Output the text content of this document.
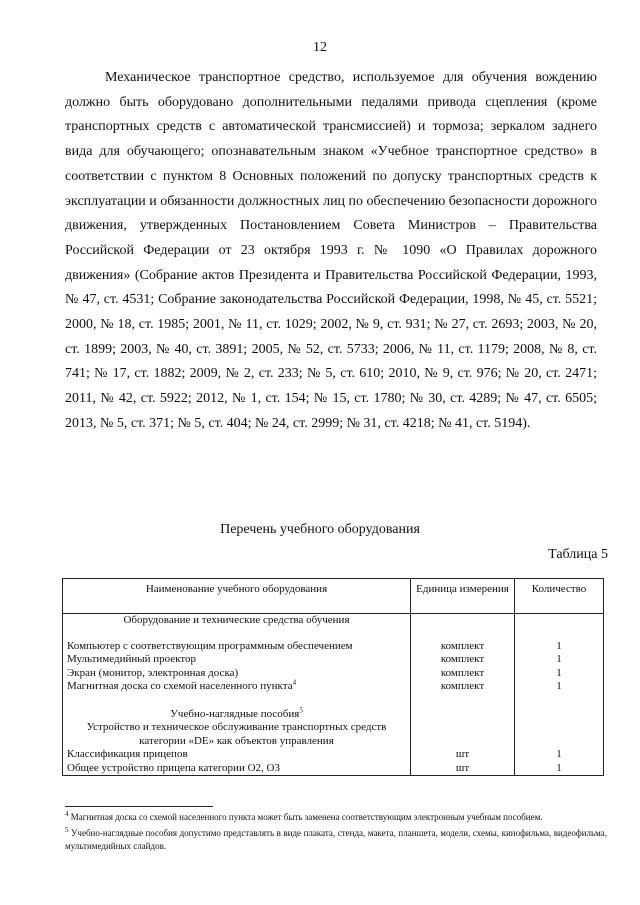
12

Механическое транспортное средство, используемое для обучения вождению должно быть оборудовано дополнительными педалями привода сцепления (кроме транспортных средств с автоматической трансмиссией) и тормоза; зеркалом заднего вида для обучающего; опознавательным знаком «Учебное транспортное средство» в соответствии с пунктом 8 Основных положений по допуску транспортных средств к эксплуатации и обязанности должностных лиц по обеспечению безопасности дорожного движения, утвержденных Постановлением Совета Министров – Правительства Российской Федерации от 23 октября 1993 г. № 1090 «О Правилах дорожного движения» (Собрание актов Президента и Правительства Российской Федерации, 1993, № 47, ст. 4531; Собрание законодательства Российской Федерации, 1998, № 45, ст. 5521; 2000, № 18, ст. 1985; 2001, № 11, ст. 1029; 2002, № 9, ст. 931; № 27, ст. 2693; 2003, № 20, ст. 1899; 2003, № 40, ст. 3891; 2005, № 52, ст. 5733; 2006, № 11, ст. 1179; 2008, № 8, ст. 741; № 17, ст. 1882; 2009, № 2, ст. 233; № 5, ст. 610; 2010, № 9, ст. 976; № 20, ст. 2471; 2011, № 42, ст. 5922; 2012, № 1, ст. 154; № 15, ст. 1780; № 30, ст. 4289; № 47, ст. 6505; 2013, № 5, ст. 371; № 5, ст. 404; № 24, ст. 2999; № 31, ст. 4218; № 41, ст. 5194).

Перечень учебного оборудования
Таблица 5
Наименование учебного оборудования	Единица измерения	Количество
Оборудование и технические средства обучения		

Компьютер с соответствующим программным обеспечением	комплект	1
Мультимедийный проектор	комплект	1
Экран (монитор, электронная доска)	комплект	1
Магнитная доска со схемой населенного пункта$^4$	комплект	1

Учебно-наглядные пособия$^5$		
Устройство и техническое обслуживание транспортных средств категории «DE» как объектов управления		
Классификация прицепов	шт	1
Общее устройство прицепа категории O2, O3	шт	1

$^4$ Магнитная доска со схемой населенного пункта может быть заменена соответствующим электронным учебным пособием.

$^5$ Учебно-наглядные пособия допустимо представлять в виде плаката, стенда, макета, планшета, модели, схемы, кинофильма, видеофильма, мультимедийных слайдов.
